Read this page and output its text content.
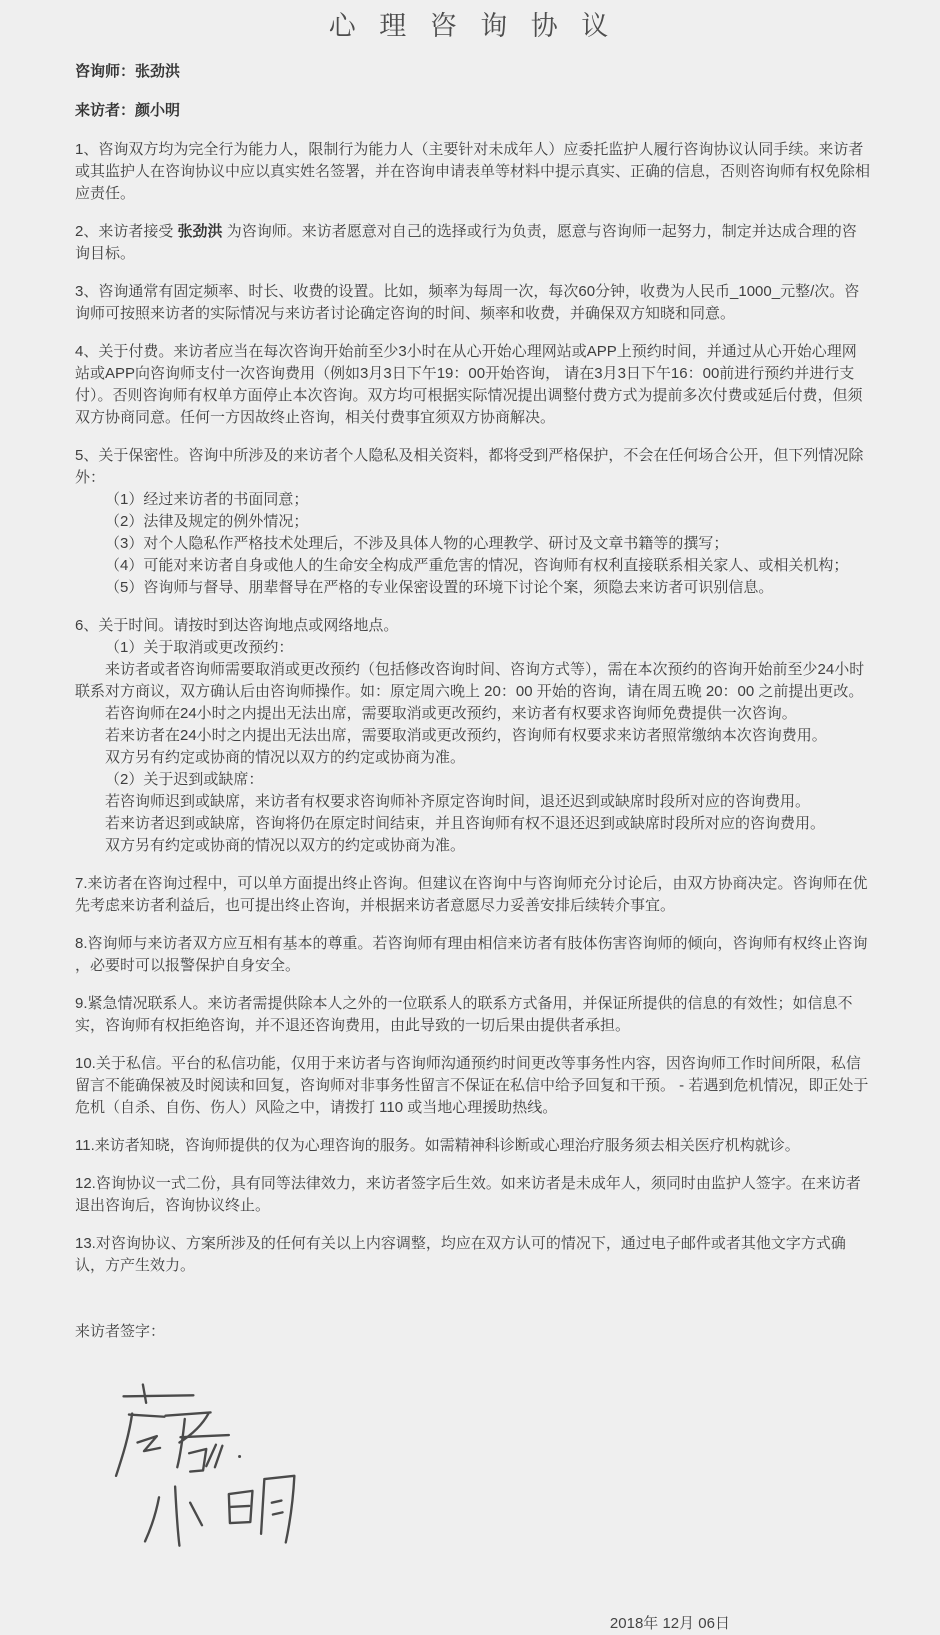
心 理 咨 询 协 议

咨询师：张劲洪

来访者：颜小明

1、咨询双方均为完全行为能力人，限制行为能力人（主要针对未成年人）应委托监护人履行咨询协议认同手续。来访者或其监护人在咨询协议中应以真实姓名签署，并在咨询申请表单等材料中提示真实、正确的信息，否则咨询师有权免除相应责任。

2、来访者接受 张劲洪 为咨询师。来访者愿意对自己的选择或行为负责，愿意与咨询师一起努力，制定并达成合理的咨询目标。

3、咨询通常有固定频率、时长、收费的设置。比如，频率为每周一次，每次60分钟，收费为人民币_1000_元整/次。咨询师可按照来访者的实际情况与来访者讨论确定咨询的时间、频率和收费，并确保双方知晓和同意。

4、关于付费。来访者应当在每次咨询开始前至少3小时在从心开始心理网站或APP上预约时间，并通过从心开始心理网站或APP向咨询师支付一次咨询费用（例如3月3日下午19：00开始咨询， 请在3月3日下午16：00前进行预约并进行支付）。否则咨询师有权单方面停止本次咨询。双方均可根据实际情况提出调整付费方式为提前多次付费或延后付费，但须双方协商同意。任何一方因故终止咨询，相关付费事宜须双方协商解决。

5、关于保密性。咨询中所涉及的来访者个人隐私及相关资料，都将受到严格保护，不会在任何场合公开，但下列情况除外：

（1）经过来访者的书面同意；

（2）法律及规定的例外情况；

（3）对个人隐私作严格技术处理后，不涉及具体人物的心理教学、研讨及文章书籍等的撰写；

（4）可能对来访者自身或他人的生命安全构成严重危害的情况，咨询师有权利直接联系相关家人、或相关机构；

（5）咨询师与督导、朋辈督导在严格的专业保密设置的环境下讨论个案，须隐去来访者可识别信息。

6、关于时间。请按时到达咨询地点或网络地点。

（1）关于取消或更改预约：

来访者或者咨询师需要取消或更改预约（包括修改咨询时间、咨询方式等），需在本次预约的咨询开始前至少24小时联系对方商议，双方确认后由咨询师操作。如：原定周六晚上 20：00 开始的咨询，请在周五晚 20：00 之前提出更改。

若咨询师在24小时之内提出无法出席，需要取消或更改预约，来访者有权要求咨询师免费提供一次咨询。

若来访者在24小时之内提出无法出席，需要取消或更改预约，咨询师有权要求来访者照常缴纳本次咨询费用。

双方另有约定或协商的情况以双方的约定或协商为准。

（2）关于迟到或缺席：

若咨询师迟到或缺席，来访者有权要求咨询师补齐原定咨询时间，退还迟到或缺席时段所对应的咨询费用。

若来访者迟到或缺席，咨询将仍在原定时间结束，并且咨询师有权不退还迟到或缺席时段所对应的咨询费用。

双方另有约定或协商的情况以双方的约定或协商为准。

7.来访者在咨询过程中，可以单方面提出终止咨询。但建议在咨询中与咨询师充分讨论后，由双方协商决定。咨询师在优先考虑来访者利益后，也可提出终止咨询，并根据来访者意愿尽力妥善安排后续转介事宜。

8.咨询师与来访者双方应互相有基本的尊重。若咨询师有理由相信来访者有肢体伤害咨询师的倾向，咨询师有权终止咨询 ，必要时可以报警保护自身安全。

9.紧急情况联系人。来访者需提供除本人之外的一位联系人的联系方式备用，并保证所提供的信息的有效性；如信息不实，咨询师有权拒绝咨询，并不退还咨询费用，由此导致的一切后果由提供者承担。

10.关于私信。平台的私信功能，仅用于来访者与咨询师沟通预约时间更改等事务性内容，因咨询师工作时间所限，私信留言不能确保被及时阅读和回复，咨询师对非事务性留言不保证在私信中给予回复和干预。 - 若遇到危机情况，即正处于危机（自杀、自伤、伤人）风险之中，请拨打 110 或当地心理援助热线。

11.来访者知晓，咨询师提供的仅为心理咨询的服务。如需精神科诊断或心理治疗服务须去相关医疗机构就诊。

12.咨询协议一式二份，具有同等法律效力，来访者签字后生效。如来访者是未成年人，须同时由监护人签字。在来访者退出咨询后，咨询协议终止。

13.对咨询协议、方案所涉及的任何有关以上内容调整，均应在双方认可的情况下，通过电子邮件或者其他文字方式确认，方产生效力。

来访者签字：

2018年 12月 06日
